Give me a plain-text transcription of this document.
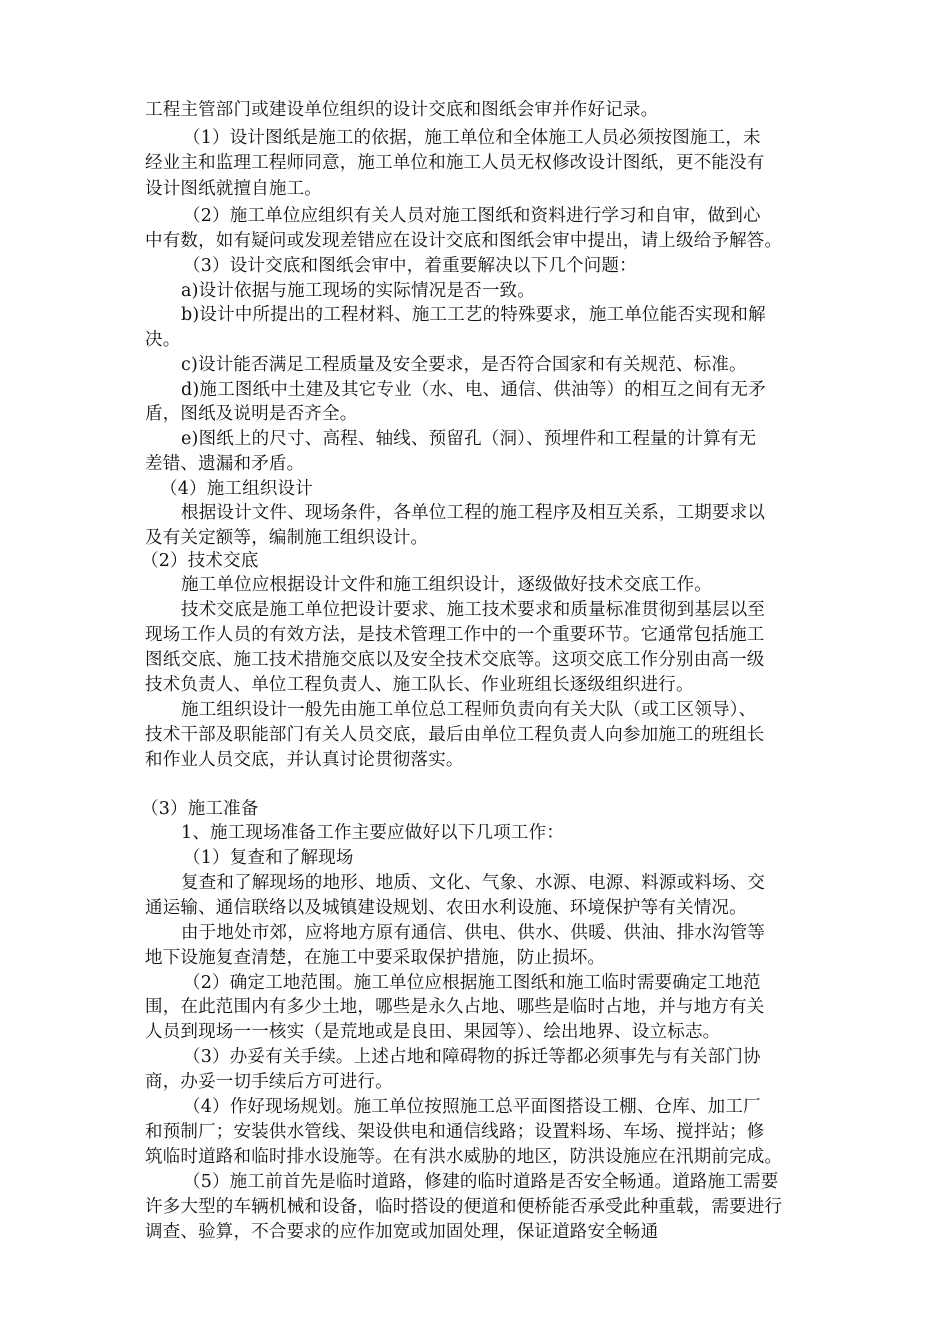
工程主管部门或建设单位组织的设计交底和图纸会审并作好记录。
（1）设计图纸是施工的依据，施工单位和全体施工人员必须按图施工，未
经业主和监理工程师同意，施工单位和施工人员无权修改设计图纸，更不能没有
设计图纸就擅自施工。
（2）施工单位应组织有关人员对施工图纸和资料进行学习和自审，做到心
中有数，如有疑问或发现差错应在设计交底和图纸会审中提出，请上级给予解答。
（3）设计交底和图纸会审中，着重要解决以下几个问题：
a)设计依据与施工现场的实际情况是否一致。
b)设计中所提出的工程材料、施工工艺的特殊要求，施工单位能否实现和解
决。
c)设计能否满足工程质量及安全要求，是否符合国家和有关规范、标准。
d)施工图纸中土建及其它专业（水、电、通信、供油等）的相互之间有无矛
盾，图纸及说明是否齐全。
e)图纸上的尺寸、高程、轴线、预留孔（洞）、预埋件和工程量的计算有无
差错、遗漏和矛盾。
（4）施工组织设计
根据设计文件、现场条件，各单位工程的施工程序及相互关系，工期要求以
及有关定额等，编制施工组织设计。
（2）技术交底
施工单位应根据设计文件和施工组织设计，逐级做好技术交底工作。
技术交底是施工单位把设计要求、施工技术要求和质量标准贯彻到基层以至
现场工作人员的有效方法，是技术管理工作中的一个重要环节。它通常包括施工
图纸交底、施工技术措施交底以及安全技术交底等。这项交底工作分别由高一级
技术负责人、单位工程负责人、施工队长、作业班组长逐级组织进行。
施工组织设计一般先由施工单位总工程师负责向有关大队（或工区领导）、
技术干部及职能部门有关人员交底，最后由单位工程负责人向参加施工的班组长
和作业人员交底，并认真讨论贯彻落实。
（3）施工准备
1、施工现场准备工作主要应做好以下几项工作：
（1）复查和了解现场
复查和了解现场的地形、地质、文化、气象、水源、电源、料源或料场、交
通运输、通信联络以及城镇建设规划、农田水利设施、环境保护等有关情况。
由于地处市郊，应将地方原有通信、供电、供水、供暖、供油、排水沟管等
地下设施复查清楚，在施工中要采取保护措施，防止损坏。
（2）确定工地范围。施工单位应根据施工图纸和施工临时需要确定工地范
围，在此范围内有多少土地，哪些是永久占地、哪些是临时占地，并与地方有关
人员到现场一一核实（是荒地或是良田、果园等）、绘出地界、设立标志。
（3）办妥有关手续。上述占地和障碍物的拆迁等都必须事先与有关部门协
商，办妥一切手续后方可进行。
（4）作好现场规划。施工单位按照施工总平面图搭设工棚、仓库、加工厂
和预制厂；安装供水管线、架设供电和通信线路；设置料场、车场、搅拌站；修
筑临时道路和临时排水设施等。在有洪水威胁的地区，防洪设施应在汛期前完成。
（5）施工前首先是临时道路，修建的临时道路是否安全畅通。道路施工需要
许多大型的车辆机械和设备，临时搭设的便道和便桥能否承受此种重载，需要进行
调查、验算，不合要求的应作加宽或加固处理，保证道路安全畅通
